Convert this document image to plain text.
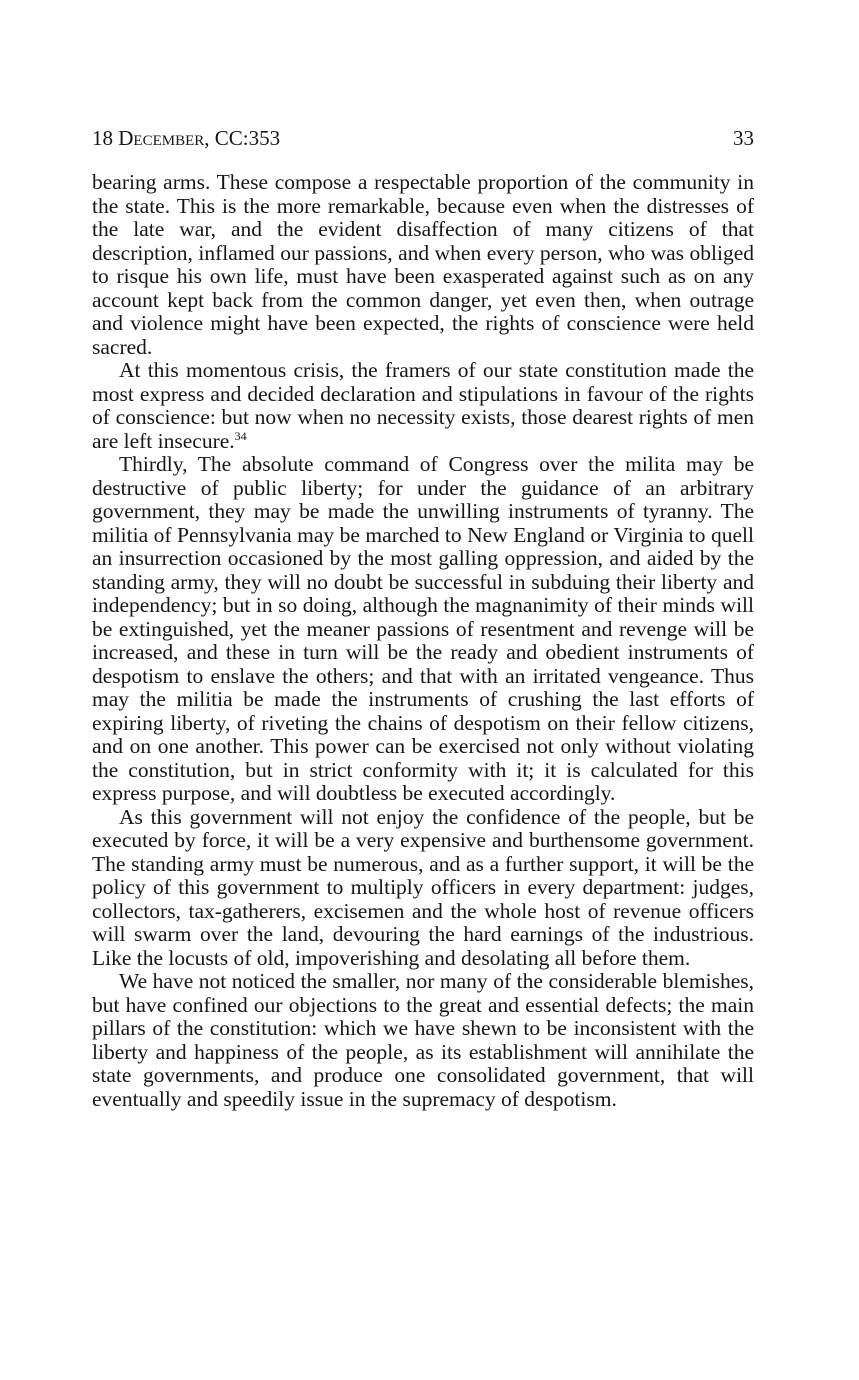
18 December, CC:353	33

bearing arms. These compose a respectable proportion of the community in the state. This is the more remarkable, because even when the distresses of the late war, and the evident disaffection of many citizens of that description, inflamed our passions, and when every person, who was obliged to risque his own life, must have been exasperated against such as on any account kept back from the common danger, yet even then, when outrage and violence might have been expected, the rights of conscience were held sacred.

At this momentous crisis, the framers of our state constitution made the most express and decided declaration and stipulations in favour of the rights of conscience: but now when no necessity exists, those dearest rights of men are left insecure.$^{34}$

Thirdly, The absolute command of Congress over the milita may be destructive of public liberty; for under the guidance of an arbitrary government, they may be made the unwilling instruments of tyranny. The militia of Pennsylvania may be marched to New England or Virginia to quell an insurrection occasioned by the most galling oppression, and aided by the standing army, they will no doubt be successful in subduing their liberty and independency; but in so doing, although the magnanimity of their minds will be extinguished, yet the meaner passions of resentment and revenge will be increased, and these in turn will be the ready and obedient instruments of despotism to enslave the others; and that with an irritated vengeance. Thus may the militia be made the instruments of crushing the last efforts of expiring liberty, of riveting the chains of despotism on their fellow citizens, and on one another. This power can be exercised not only without violating the constitution, but in strict conformity with it; it is calculated for this express purpose, and will doubtless be executed accordingly.

As this government will not enjoy the confidence of the people, but be executed by force, it will be a very expensive and burthensome government. The standing army must be numerous, and as a further support, it will be the policy of this government to multiply officers in every department: judges, collectors, tax-gatherers, excisemen and the whole host of revenue officers will swarm over the land, devouring the hard earnings of the industrious. Like the locusts of old, impoverishing and desolating all before them.

We have not noticed the smaller, nor many of the considerable blemishes, but have confined our objections to the great and essential defects; the main pillars of the constitution: which we have shewn to be inconsistent with the liberty and happiness of the people, as its establishment will annihilate the state governments, and produce one consolidated government, that will eventually and speedily issue in the supremacy of despotism.
